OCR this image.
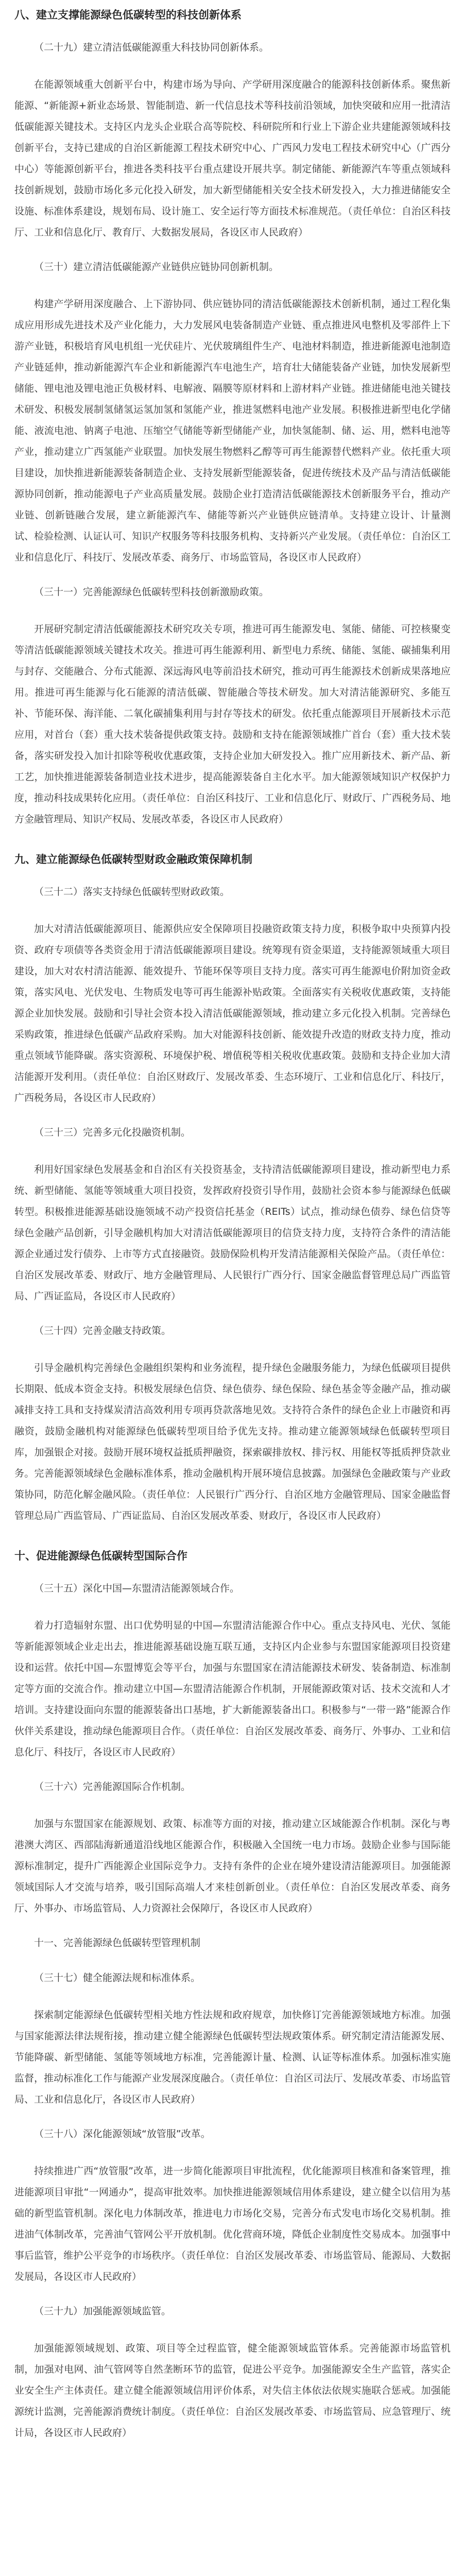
八、建立支撑能源绿色低碳转型的科技创新体系
（二十九）建立清洁低碳能源重大科技协同创新体系。
在能源领域重大创新平台中，构建市场为导向、产学研用深度融合的能源科技创新体系。聚焦新能源、“新能源+新业态场景、智能制造、新一代信息技术等科技前沿领域，加快突破和应用一批清洁低碳能源关键技术。支持区内龙头企业联合高等院校、科研院所和行业上下游企业共建能源领域科技创新平台，支持已建成的自治区新能源工程技术研究中心、广西风力发电工程技术研究中心（广西分中心）等能源创新平台，推进各类科技平台重点建设开展共享。制定储能、新能源汽车等重点领域科技创新规划，鼓励市场化多元化投入研发，加大新型储能相关安全技术研发投入，大力推进储能安全设施、标准体系建设，规划布局、设计施工、安全运行等方面技术标准规范。（责任单位：自治区科技厅、工业和信息化厅、教育厅、大数据发展局，各设区市人民政府）
（三十）建立清洁低碳能源产业链供应链协同创新机制。
构建产学研用深度融合、上下游协同、供应链协同的清洁低碳能源技术创新机制，通过工程化集成应用形成先进技术及产业化能力，大力发展风电装备制造产业链、重点推进风电整机及零部件上下游产业链，积极培育风电机组一光伏硅片、光伏玻璃组件生产、电池材料制造，推进新能源电池制造产业链延伸，推动新能源汽车企业和新能源汽车电池生产，培育壮大储能装备产业链，加快发展新型储能、锂电池及锂电池正负极材料、电解液、隔膜等原材料和上游材料产业链。推进储能电池关键技术研发、积极发展制氢储氢运氢加氢和氢能产业，推进氢燃料电池产业发展。积极推进新型电化学储能、液流电池、钠离子电池、压缩空气储能等新型储能产业，加快氢能制、储、运、用，燃料电池等产业，推动建立广西氢能产业联盟。加快发展生物燃料乙醇等可再生能源替代燃料产业。依托重大项目建设，加快推进新能源装备制造企业、支持发展新型能源装备，促进传统技术及产品与清洁低碳能源协同创新，推动能源电子产业高质量发展。鼓励企业打造清洁低碳能源技术创新服务平台，推动产业链、创新链融合发展，建立新能源汽车、储能等新兴产业链供应链清单。支持建立设计、计量测试、检验检测、认证认可、知识产权服务等科技服务机构、支持新兴产业发展。（责任单位：自治区工业和信息化厅、科技厅、发展改革委、商务厅、市场监管局，各设区市人民政府）
（三十一）完善能源绿色低碳转型科技创新激励政策。
开展研究制定清洁低碳能源技术研究攻关专项，推进可再生能源发电、氢能、储能、可控核聚变等清洁低碳能源领域关键技术攻关。推进可再生能源利用、新型电力系统、储能、氢能、碳捕集利用与封存、交能融合、分布式能源、深远海风电等前沿技术研究，推动可再生能源技术创新成果落地应用。推进可再生能源与化石能源的清洁低碳、智能融合等技术研发。加大对清洁能源研究、多能互补、节能环保、海洋能、二氧化碳捕集利用与封存等技术的研发。依托重点能源项目开展新技术示范应用，对首台（套）重大技术装备提供政策支持。鼓励和支持在能源领域推广首台（套）重大技术装备，落实研发投入加计扣除等税收优惠政策，支持企业加大研发投入。推广应用新技术、新产品、新工艺，加快推进能源装备制造业技术进步，提高能源装备自主化水平。加大能源领域知识产权保护力度，推动科技成果转化应用。（责任单位：自治区科技厅、工业和信息化厅、财政厅、广西税务局、地方金融管理局、知识产权局、发展改革委，各设区市人民政府）
九、建立能源绿色低碳转型财政金融政策保障机制
（三十二）落实支持绿色低碳转型财政政策。
加大对清洁低碳能源项目、能源供应安全保障项目投融资政策支持力度，积极争取中央预算内投资、政府专项债等各类资金用于清洁低碳能源项目建设。统筹现有资金渠道，支持能源领域重大项目建设，加大对农村清洁能源、能效提升、节能环保等项目支持力度。落实可再生能源电价附加资金政策，落实风电、光伏发电、生物质发电等可再生能源补贴政策。全面落实有关税收优惠政策，支持能源企业加快发展。鼓励和引导社会资本投入清洁低碳能源领域，推动建立多元化投入机制。完善绿色采购政策，推进绿色低碳产品政府采购。加大对能源科技创新、能效提升改造的财政支持力度，推动重点领域节能降碳。落实资源税、环境保护税、增值税等相关税收优惠政策。鼓励和支持企业加大清洁能源开发利用。（责任单位：自治区财政厅、发展改革委、生态环境厅、工业和信息化厅、科技厅，广西税务局，各设区市人民政府）
（三十三）完善多元化投融资机制。
利用好国家绿色发展基金和自治区有关投资基金，支持清洁低碳能源项目建设，推动新型电力系统、新型储能、氢能等领域重大项目投资，发挥政府投资引导作用，鼓励社会资本参与能源绿色低碳转型。积极推进能源基础设施领域不动产投资信托基金（REITs）试点，推动绿色债券、绿色信贷等绿色金融产品创新，引导金融机构加大对清洁低碳能源项目的信贷支持力度，支持符合条件的清洁能源企业通过发行债券、上市等方式直接融资。鼓励保险机构开发清洁能源相关保险产品。（责任单位：自治区发展改革委、财政厅、地方金融管理局、人民银行广西分行、国家金融监督管理总局广西监管局、广西证监局，各设区市人民政府）
（三十四）完善金融支持政策。
引导金融机构完善绿色金融组织架构和业务流程，提升绿色金融服务能力，为绿色低碳项目提供长期限、低成本资金支持。积极发展绿色信贷、绿色债券、绿色保险、绿色基金等金融产品，推动碳减排支持工具和支持煤炭清洁高效利用专项再贷款落地见效。支持符合条件的绿色企业上市融资和再融资，鼓励金融机构对能源绿色低碳转型项目给予优先支持。推动建立能源领域绿色低碳转型项目库，加强银企对接。鼓励开展环境权益抵质押融资，探索碳排放权、排污权、用能权等抵质押贷款业务。完善能源领域绿色金融标准体系，推动金融机构开展环境信息披露。加强绿色金融政策与产业政策协同，防范化解金融风险。（责任单位：人民银行广西分行、自治区地方金融管理局、国家金融监督管理总局广西监管局、广西证监局、自治区发展改革委、财政厅，各设区市人民政府）
十、促进能源绿色低碳转型国际合作
（三十五）深化中国—东盟清洁能源领域合作。
着力打造辐射东盟、出口优势明显的中国—东盟清洁能源合作中心。重点支持风电、光伏、氢能等新能源领域企业走出去，推进能源基础设施互联互通，支持区内企业参与东盟国家能源项目投资建设和运营。依托中国—东盟博览会等平台，加强与东盟国家在清洁能源技术研发、装备制造、标准制定等方面的交流合作。推动建立中国—东盟清洁能源合作机制，开展能源政策对话、技术交流和人才培训。支持建设面向东盟的能源装备出口基地，扩大新能源装备出口。积极参与“一带一路”能源合作伙伴关系建设，推动绿色能源项目合作。（责任单位：自治区发展改革委、商务厅、外事办、工业和信息化厅、科技厅，各设区市人民政府）
（三十六）完善能源国际合作机制。
加强与东盟国家在能源规划、政策、标准等方面的对接，推动建立区域能源合作机制。深化与粤港澳大湾区、西部陆海新通道沿线地区能源合作，积极融入全国统一电力市场。鼓励企业参与国际能源标准制定，提升广西能源企业国际竞争力。支持有条件的企业在境外建设清洁能源项目。加强能源领域国际人才交流与培养，吸引国际高端人才来桂创新创业。（责任单位：自治区发展改革委、商务厅、外事办、市场监管局、人力资源社会保障厅，各设区市人民政府）
十一、完善能源绿色低碳转型管理机制
（三十七）健全能源法规和标准体系。
探索制定能源绿色低碳转型相关地方性法规和政府规章，加快修订完善能源领域地方标准。加强与国家能源法律法规衔接，推动建立健全能源绿色低碳转型法规政策体系。研究制定清洁能源发展、节能降碳、新型储能、氢能等领域地方标准，完善能源计量、检测、认证等标准体系。加强标准实施监督，推动标准化工作与能源产业发展深度融合。（责任单位：自治区司法厅、发展改革委、市场监管局、工业和信息化厅，各设区市人民政府）
（三十八）深化能源领域“放管服”改革。
持续推进广西“放管服”改革，进一步简化能源项目审批流程，优化能源项目核准和备案管理，推进能源项目审批“一网通办”，提高审批效率。加快推进能源领域信用体系建设，建立健全以信用为基础的新型监管机制。深化电力体制改革，推进电力市场化交易，完善分布式发电市场化交易机制。推进油气体制改革，完善油气管网公平开放机制。优化营商环境，降低企业制度性交易成本。加强事中事后监管，维护公平竞争的市场秩序。（责任单位：自治区发展改革委、市场监管局、能源局、大数据发展局，各设区市人民政府）
（三十九）加强能源领域监管。
加强能源领域规划、政策、项目等全过程监管，健全能源领域监管体系。完善能源市场监管机制，加强对电网、油气管网等自然垄断环节的监管，促进公平竞争。加强能源安全生产监管，落实企业安全生产主体责任。建立健全能源领域信用评价体系，对失信主体依法依规实施联合惩戒。加强能源统计监测，完善能源消费统计制度。（责任单位：自治区发展改革委、市场监管局、应急管理厅、统计局，各设区市人民政府）
